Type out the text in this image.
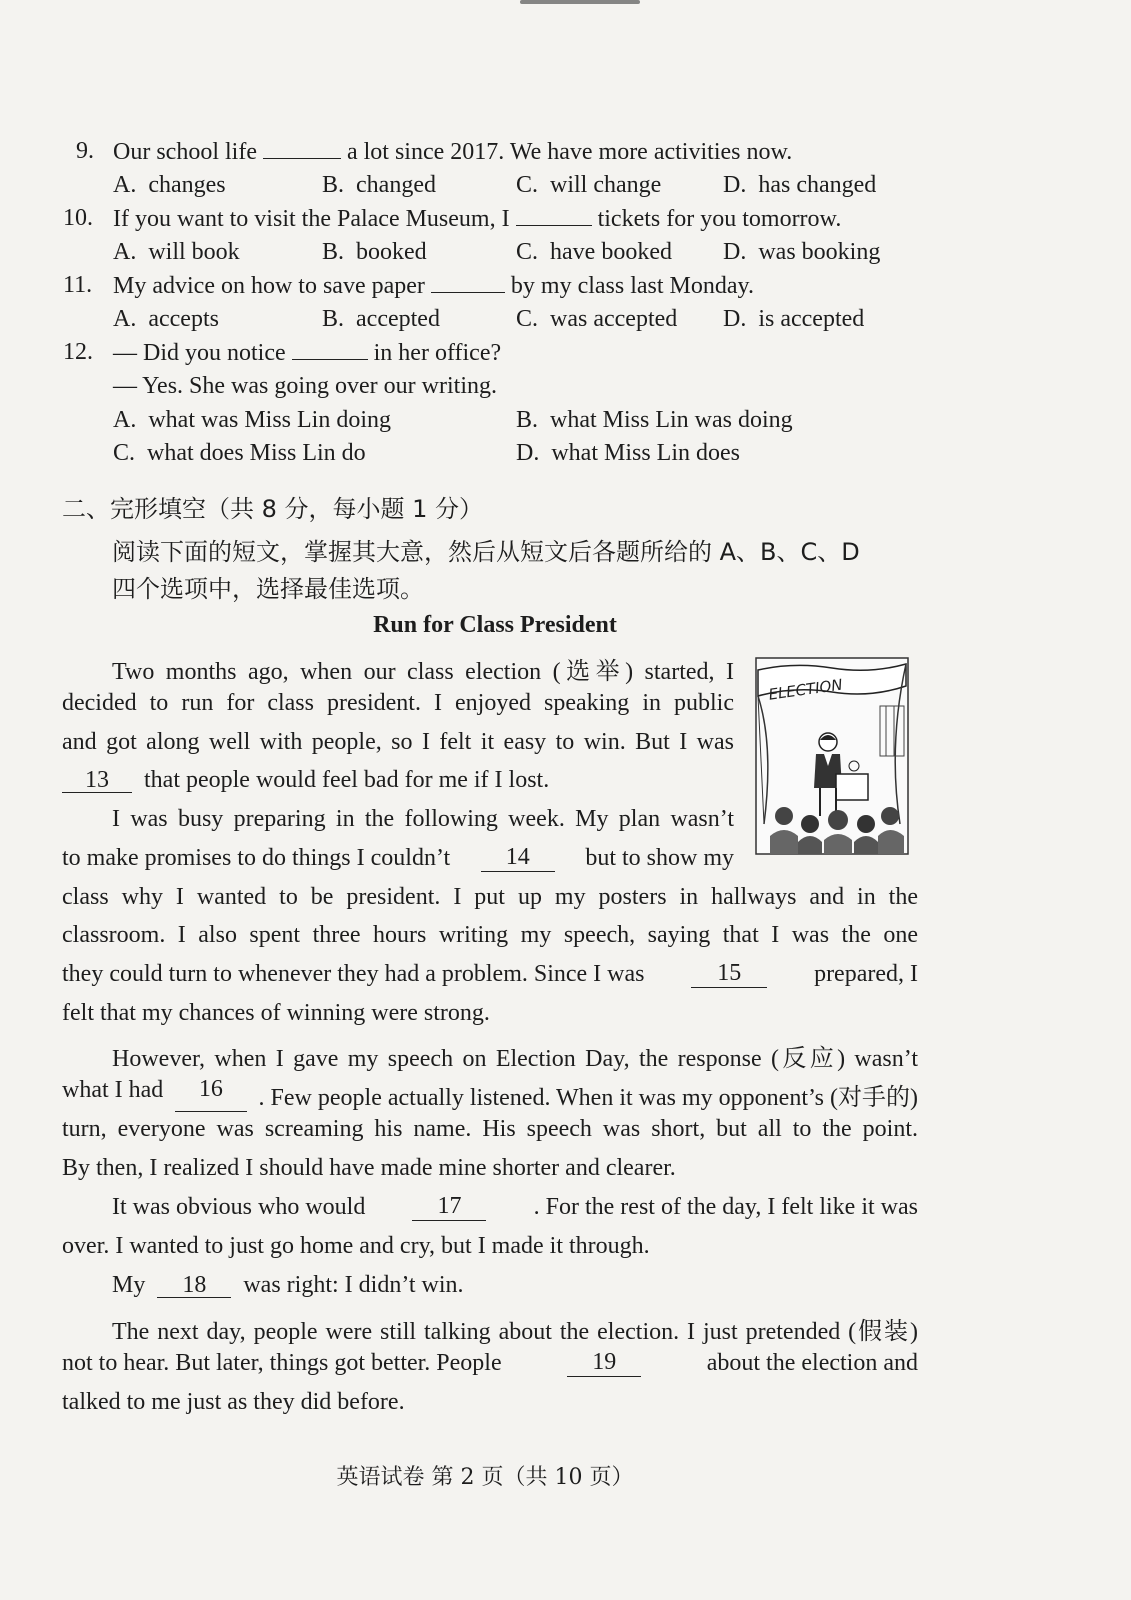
9. Our school life	a lot since 2017. We have more activities now.
A. changes	B. changed	C. will change	D. has changed
10. If you want to visit the Palace Museum, I	tickets for you tomorrow.
A. will book	B. booked	C. have booked D. was booking
11. My advice on how to save paper	by my class last Monday.
A. accepts	B. accepted	C. was accepted D. is accepted
12. — Did you notice	in her office?
— Yes. She was going over our writing.
A. what was Miss Lin doing	B. what Miss Lin was doing
C. what does Miss Lin do	D. what Miss Lin does
二、完形填空（共 8 分，每小题 1 分）
阅读下面的短文，掌握其大意，然后从短文后各题所给的 A、B、C、D
四个选项中，选择最佳选项。
Run for Class President
ELECTION
Two months ago, when our class election (选举) started, I
decided to run for class president. I enjoyed speaking in public
and got along well with people, so I felt it easy to win. But I was
13 that people would feel bad for me if I lost.
I was busy preparing in the following week. My plan wasn’t
to make promises to do things I couldn’t	14	but to show my
class why I wanted to be president. I put up my posters in hallways and in the
classroom. I also spent three hours writing my speech, saying that I was the one
they could turn to whenever they had a problem. Since I was	15	prepared, I
felt that my chances of winning were strong.
However, when I gave my speech on Election Day, the response (反应) wasn’t
what I had	16	. Few people actually listened. When it was my opponent’s (对手的)
turn, everyone was screaming his name. His speech was short, but all to the point.
By then, I realized I should have made mine shorter and clearer.
It was obvious who would	17	. For the rest of the day, I felt like it was
over. I wanted to just go home and cry, but I made it through.
My 18 was right: I didn’t win.
The next day, people were still talking about the election. I just pretended (假装)
not to hear. But later, things got better. People	19	about the election and
talked to me just as they did before.
英语试卷 第 2 页（共 10 页）
